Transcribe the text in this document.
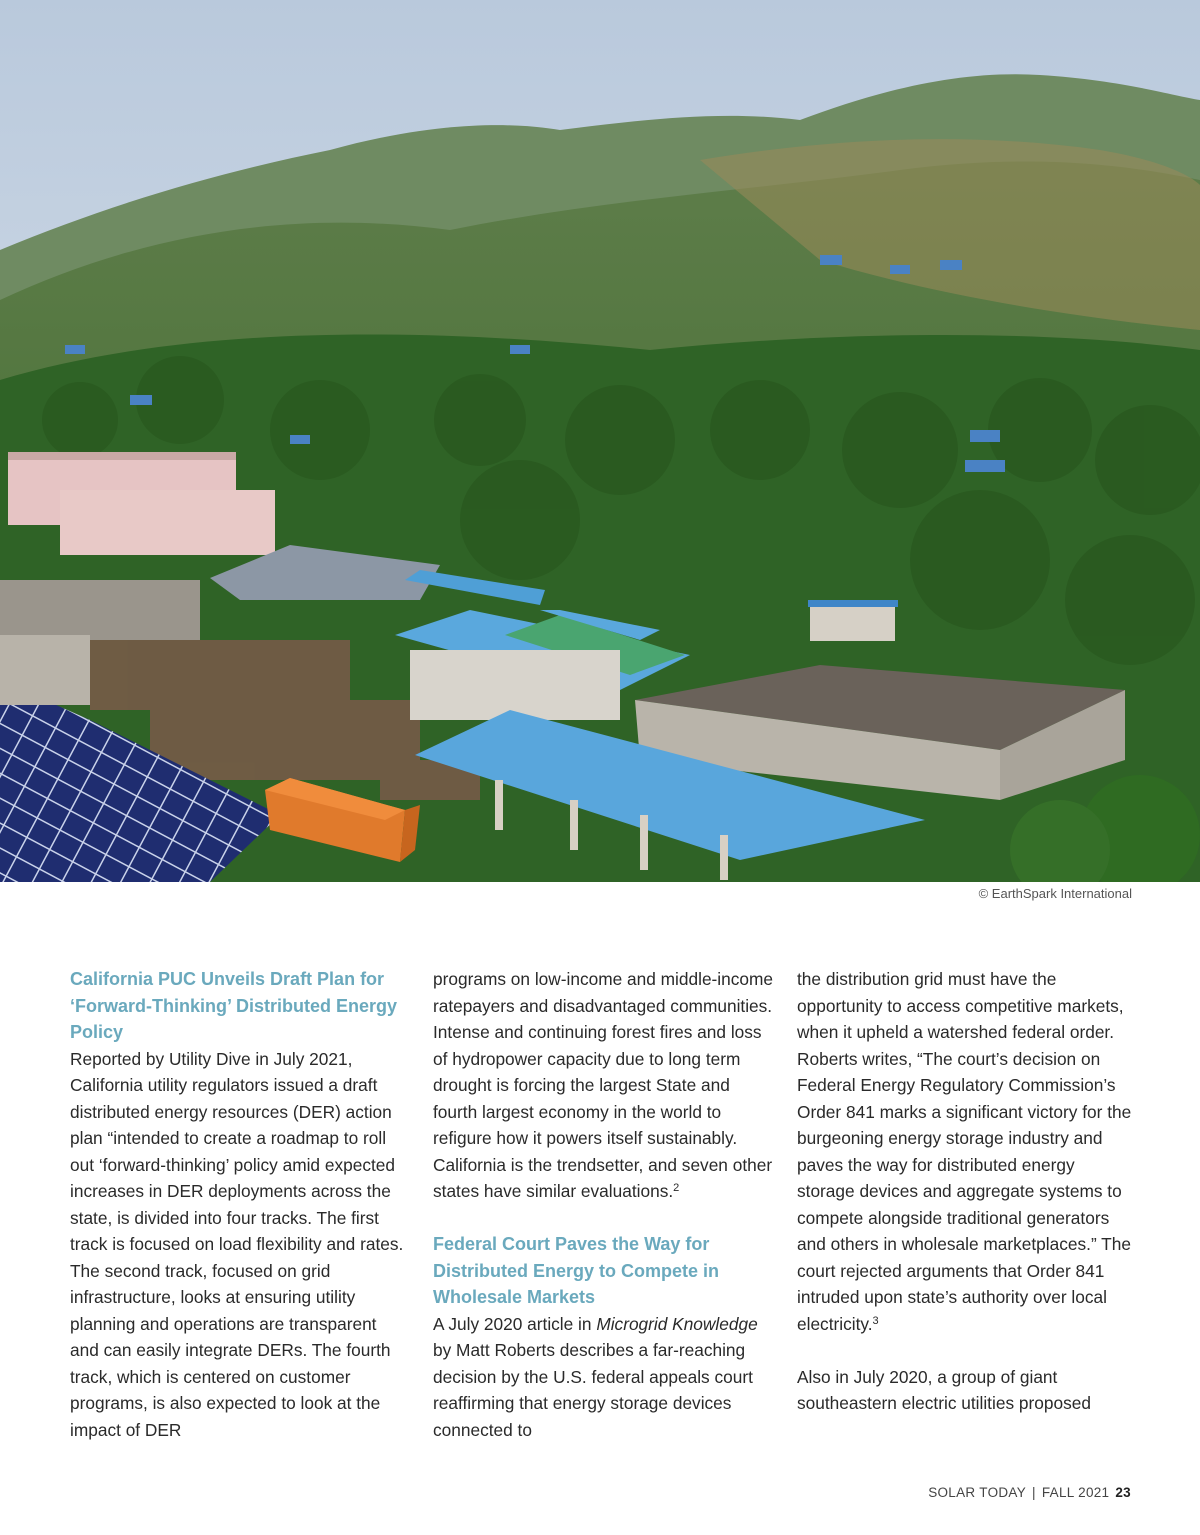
© EarthSpark International

California PUC Unveils Draft Plan for ‘Forward-Thinking’ Distributed Energy Policy

Reported by Utility Dive in July 2021, California utility regulators issued a draft distributed energy resources (DER) action plan “intended to create a roadmap to roll out ‘forward-thinking’ policy amid expected increases in DER deployments across the state, is divided into four tracks. The first track is focused on load flexibility and rates. The second track, focused on grid infrastructure, looks at ensuring utility planning and operations are transparent and can easily integrate DERs. The fourth track, which is centered on customer programs, is also expected to look at the impact of DER

programs on low-income and middle-income ratepayers and disadvantaged communities. Intense and continuing forest fires and loss of hydropower capacity due to long term drought is forcing the largest State and fourth largest economy in the world to refigure how it powers itself sustainably. California is the trendsetter, and seven other states have similar evaluations.$^2$

Federal Court Paves the Way for Distributed Energy to Compete in Wholesale Markets

A July 2020 article in Microgrid Knowledge by Matt Roberts describes a far-reaching decision by the U.S. federal appeals court reaffirming that energy storage devices connected to

the distribution grid must have the opportunity to access competitive markets, when it upheld a watershed federal order. Roberts writes, “The court’s decision on Federal Energy Regulatory Commission’s Order 841 marks a significant victory for the burgeoning energy storage industry and paves the way for distributed energy storage devices and aggregate systems to compete alongside traditional generators and others in wholesale marketplaces.” The court rejected arguments that Order 841 intruded upon state’s authority over local electricity.$^3$

Also in July 2020, a group of giant southeastern electric utilities proposed

SOLAR TODAY | FALL 2021 23
